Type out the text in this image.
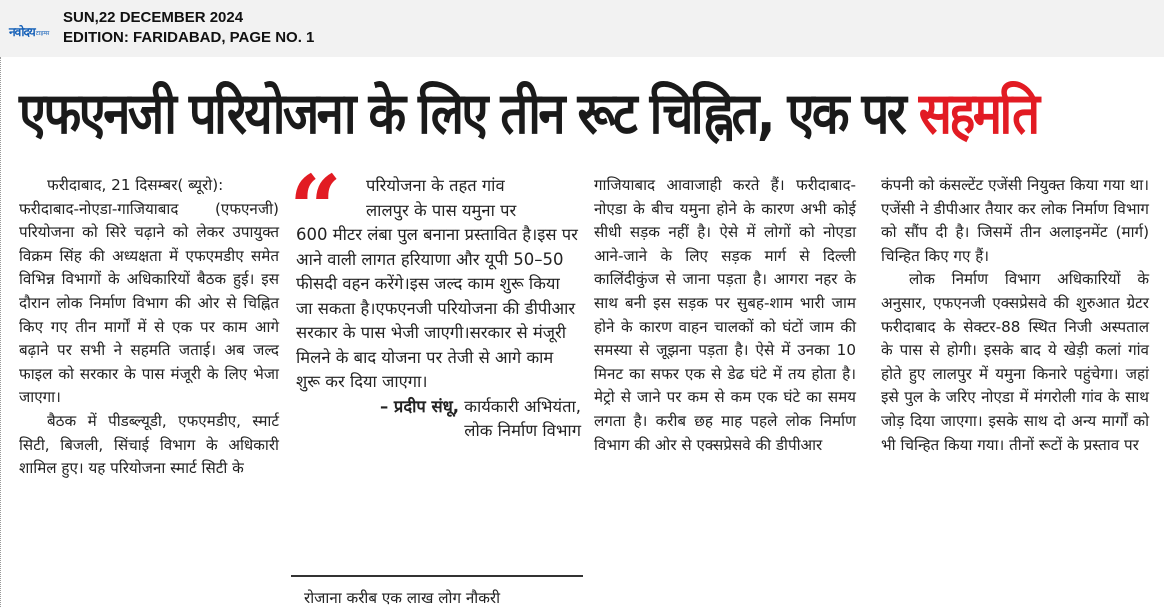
नवोदय टाइम्स
SUN,22 DECEMBER 2024
EDITION: FARIDABAD, PAGE NO. 1
एफएनजी परियोजना के लिए तीन रूट चिह्नित, एक पर सहमति

फरीदाबाद, 21 दिसम्बर( ब्यूरो):

फरीदाबाद-नोएडा-गाजियाबाद (एफएनजी) परियोजना को सिरे चढ़ाने को लेकर उपायुक्त विक्रम सिंह की अध्यक्षता में एफएमडीए समेत विभिन्न विभागों के अधिकारियों बैठक हुई। इस दौरान लोक निर्माण विभाग की ओर से चिह्नित किए गए तीन मार्गों में से एक पर काम आगे बढ़ाने पर सभी ने सहमति जताई। अब जल्द फाइल को सरकार के पास मंजूरी के लिए भेजा जाएगा।

बैठक में पीडब्ल्यूडी, एफएमडीए, स्मार्ट सिटी, बिजली, सिंचाई विभाग के अधिकारी शामिल हुए। यह परियोजना स्मार्ट सिटी के

“	परियोजना के तहत गांव

लालपुर के पास यमुना पर

600 मीटर लंबा पुल बनाना प्रस्तावित है।इस पर आने वाली लागत हरियाणा और यूपी 50–50 फीसदी वहन करेंगे।इस जल्द काम शुरू किया जा सकता है।एफएनजी परियोजना की डीपीआर सरकार के पास भेजी जाएगी।सरकार से मंजूरी मिलने के बाद योजना पर तेजी से आगे काम शुरू कर दिया जाएगा।

– प्रदीप संधू, कार्यकारी अभियंता,

लोक निर्माण विभाग

रोजाना करीब एक लाख लोग नौकरी

गाजियाबाद आवाजाही करते हैं। फरीदाबाद-नोएडा के बीच यमुना होने के कारण अभी कोई सीधी सड़क नहीं है। ऐसे में लोगों को नोएडा आने-जाने के लिए सड़क मार्ग से दिल्ली कालिंदीकुंज से जाना पड़ता है। आगरा नहर के साथ बनी इस सड़क पर सुबह-शाम भारी जाम होने के कारण वाहन चालकों को घंटों जाम की समस्या से जूझना पड़ता है। ऐसे में उनका 10 मिनट का सफर एक से डेढ घंटे में तय होता है।मेट्रो से जाने पर कम से कम एक घंटे का समय लगता है। करीब छह माह पहले लोक निर्माण विभाग की ओर से एक्सप्रेसवे की डीपीआर

कंपनी को कंसल्टेंट एजेंसी नियुक्त किया गया था। एजेंसी ने डीपीआर तैयार कर लोक निर्माण विभाग को सौंप दी है। जिसमें तीन अलाइनमेंट (मार्ग) चिन्हित किए गए हैं।

लोक निर्माण विभाग अधिकारियों के अनुसार, एफएनजी एक्सप्रेसवे की शुरुआत ग्रेटर फरीदाबाद के सेक्टर-88 स्थित निजी अस्पताल के पास से होगी। इसके बाद ये खेड़ी कलां गांव होते हुए लालपुर में यमुना किनारे पहुंचेगा। जहां इसे पुल के जरिए नोएडा में मंगरोली गांव के साथ जोड़ दिया जाएगा। इसके साथ दो अन्य मार्गों को भी चिन्हित किया गया। तीनों रूटों के प्रस्ताव पर
